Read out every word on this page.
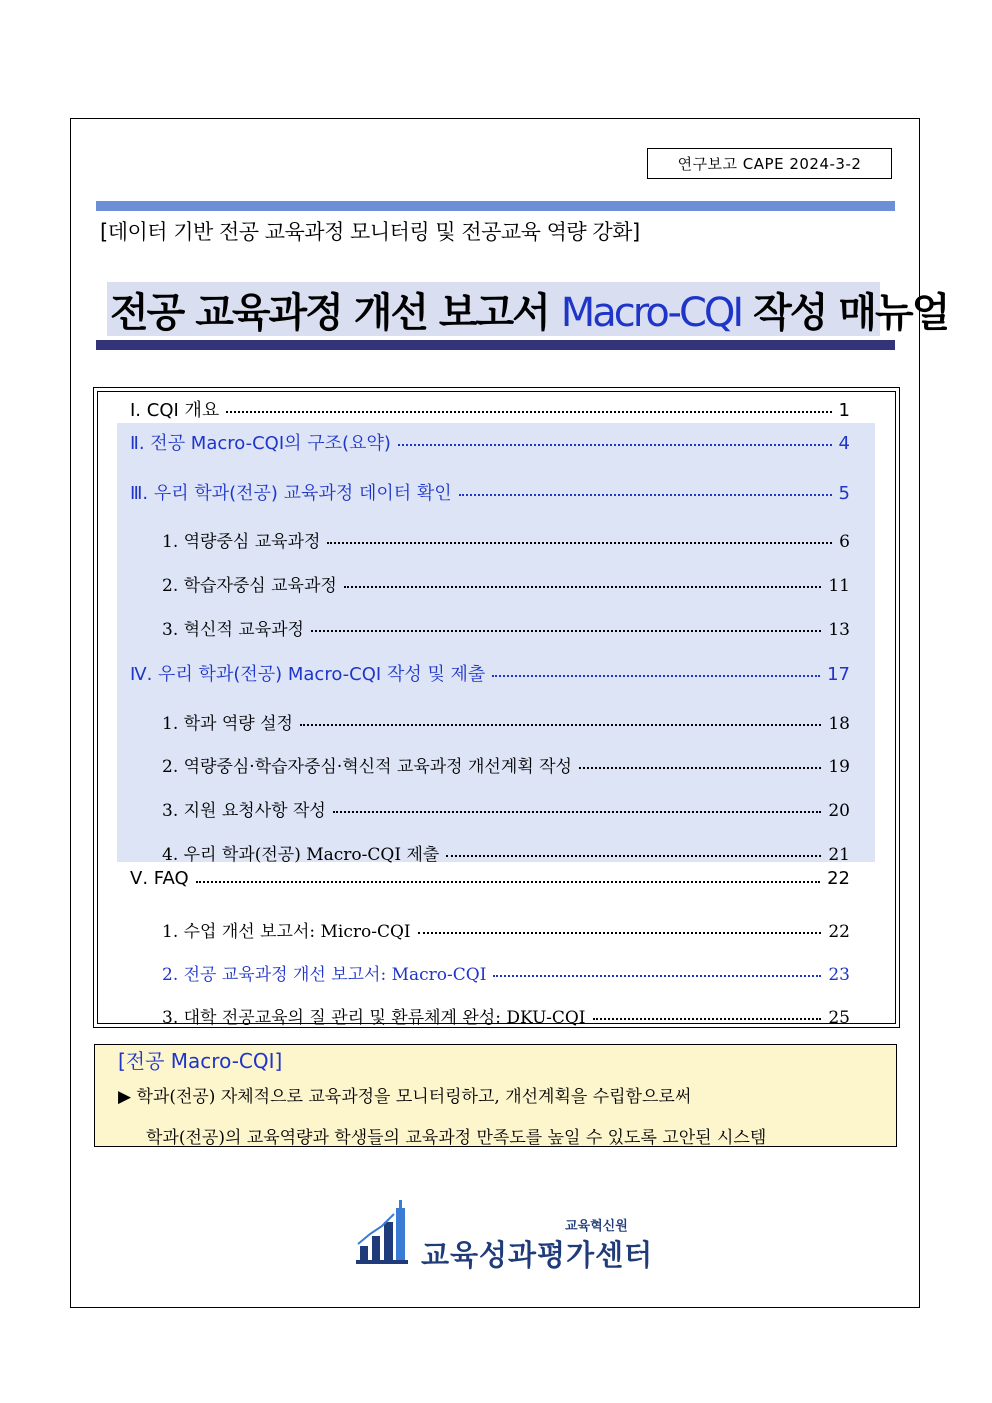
연구보고 CAPE 2024-3-2
[데이터 기반 전공 교육과정 모니터링 및 전공교육 역량 강화]
전공 교육과정 개선 보고서 Macro-CQI 작성 매뉴얼
Ⅰ. CQI 개요	1
Ⅱ. 전공 Macro-CQI의 구조(요약)	4
Ⅲ. 우리 학과(전공) 교육과정 데이터 확인	5
1. 역량중심 교육과정	6
2. 학습자중심 교육과정	11
3. 혁신적 교육과정	13
Ⅳ. 우리 학과(전공) Macro-CQI 작성 및 제출	17
1. 학과 역량 설정	18
2. 역량중심·학습자중심·혁신적 교육과정 개선계획 작성	19
3. 지원 요청사항 작성	20
4. 우리 학과(전공) Macro-CQI 제출	21
Ⅴ. FAQ	22
1. 수업 개선 보고서: Micro-CQI	22
2. 전공 교육과정 개선 보고서: Macro-CQI	23
3. 대학 전공교육의 질 관리 및 환류체계 완성: DKU-CQI	25
[전공 Macro-CQI]
▶ 학과(전공) 자체적으로 교육과정을 모니터링하고, 개선계획을 수립함으로써
학과(전공)의 교육역량과 학생들의 교육과정 만족도를 높일 수 있도록 고안된 시스템
교육혁신원
교육성과평가센터
